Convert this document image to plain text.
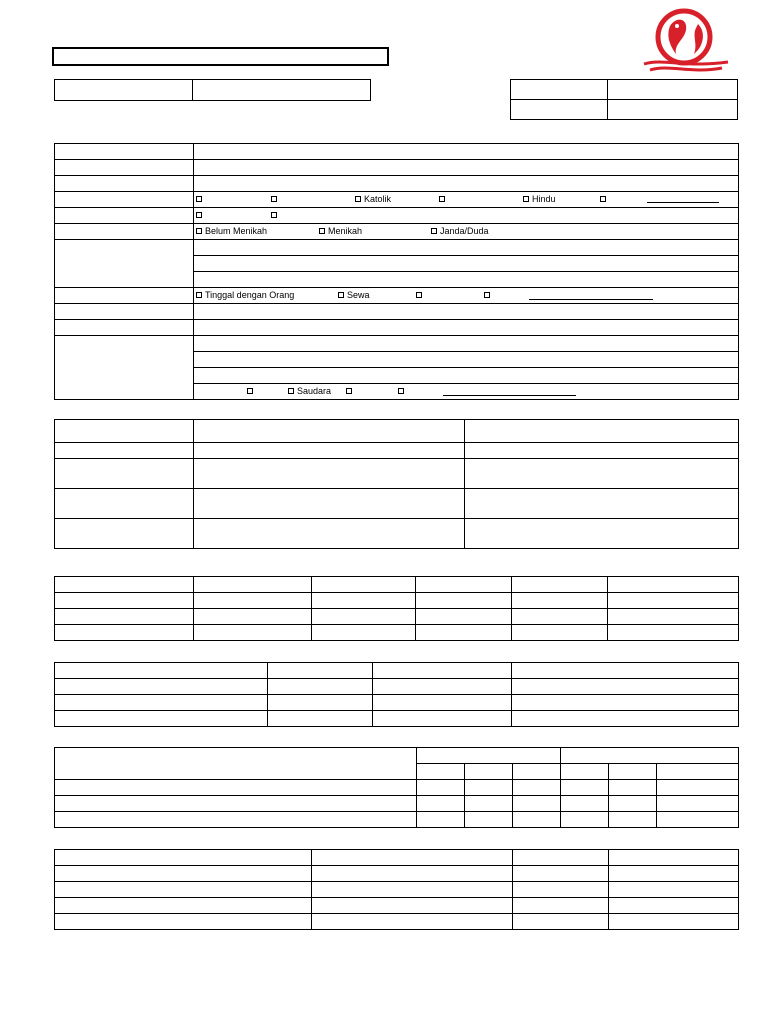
	Katolik Hindu

	Belum Menikah Menikah Janda/Duda

	Tinggal dengan Orang Sewa

	Saudara
